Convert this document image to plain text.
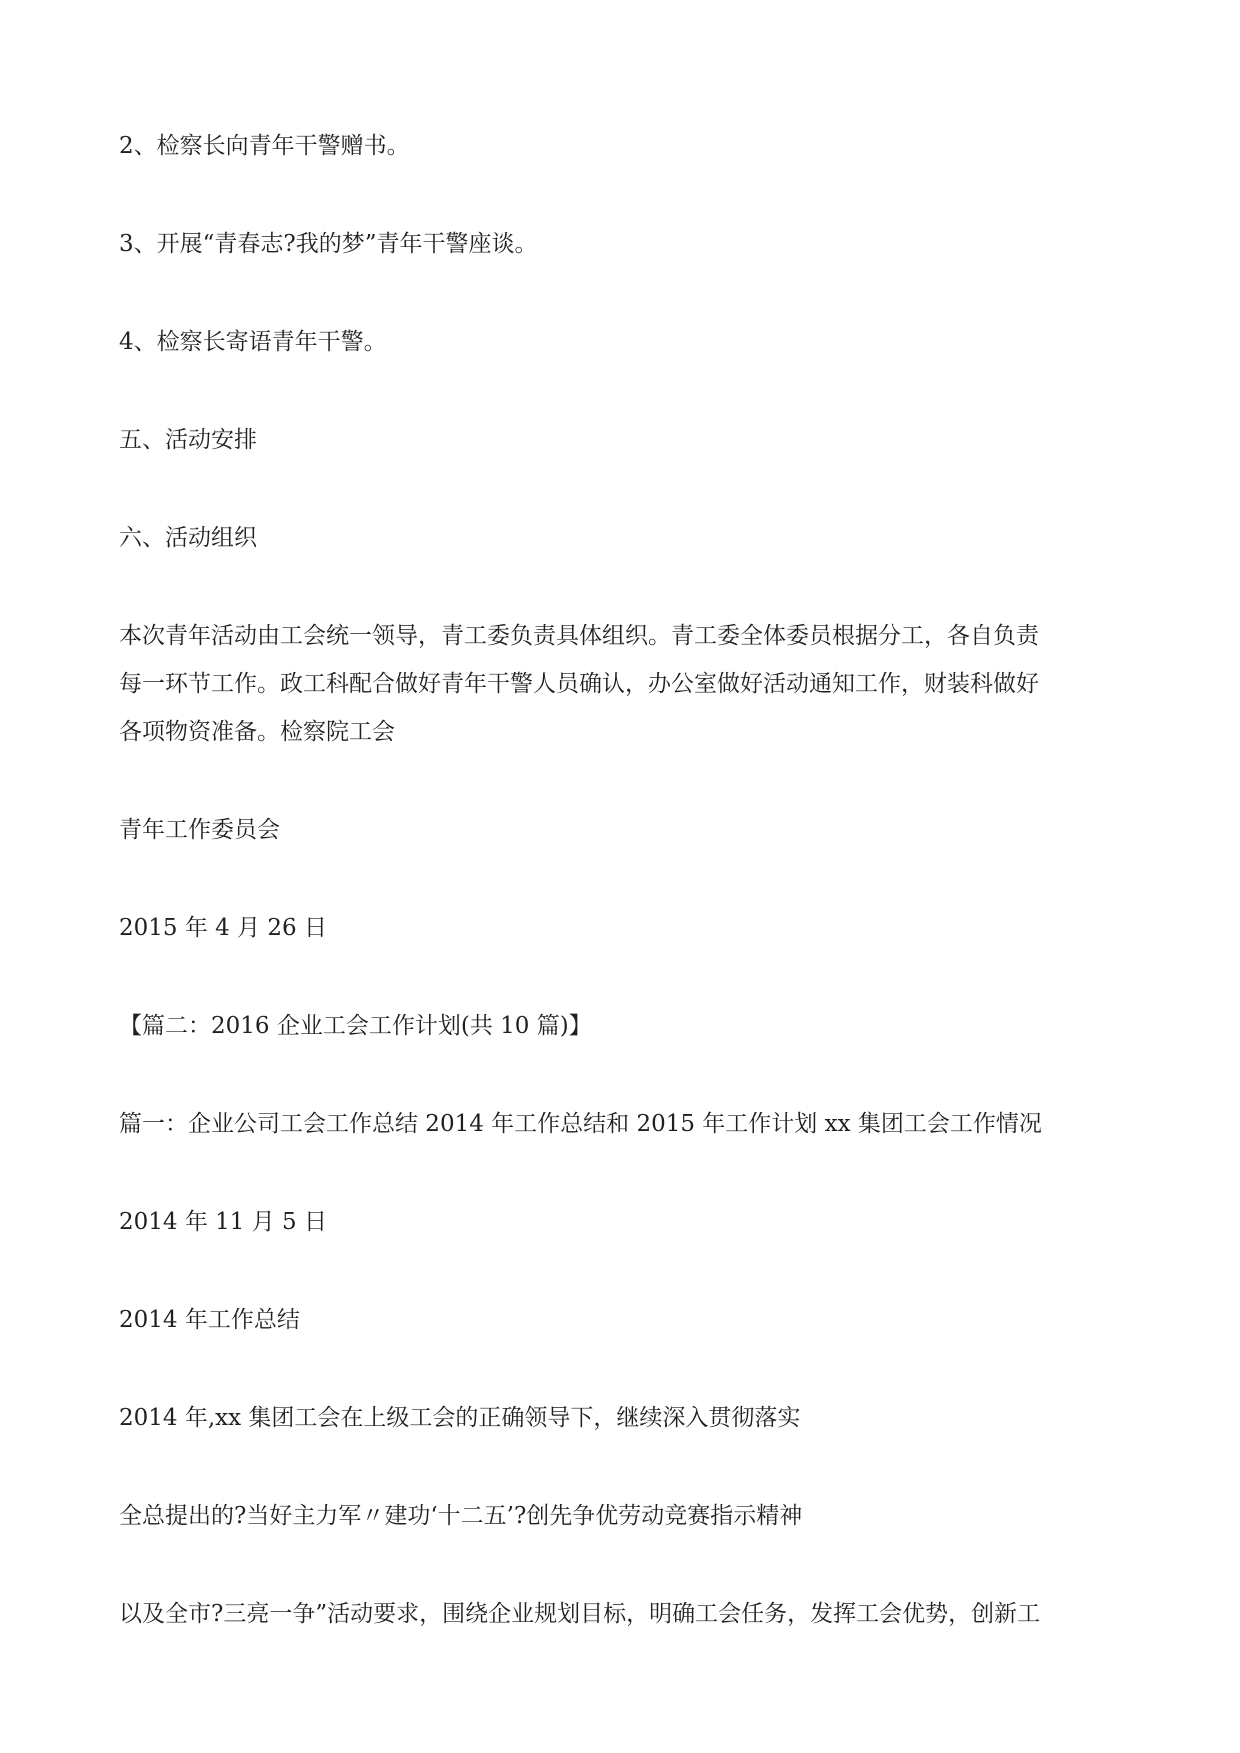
2、检察长向青年干警赠书。

3、开展“青春志?我的梦”青年干警座谈。

4、检察长寄语青年干警。

五、活动安排

六、活动组织

本次青年活动由工会统一领导，青工委负责具体组织。青工委全体委员根据分工，各自负责

每一环节工作。政工科配合做好青年干警人员确认，办公室做好活动通知工作，财装科做好

各项物资准备。检察院工会

青年工作委员会

2015 年 4 月 26 日

【篇二：2016 企业工会工作计划(共 10 篇)】

篇一：企业公司工会工作总结 2014 年工作总结和 2015 年工作计划 xx 集团工会工作情况

2014 年 11 月 5 日

2014 年工作总结

2014 年,xx 集团工会在上级工会的正确领导下，继续深入贯彻落实

全总提出的?当好主力军〃建功‘十二五’?创先争优劳动竞赛指示精神

以及全市?三亮一争”活动要求，围绕企业规划目标，明确工会任务，发挥工会优势，创新工
